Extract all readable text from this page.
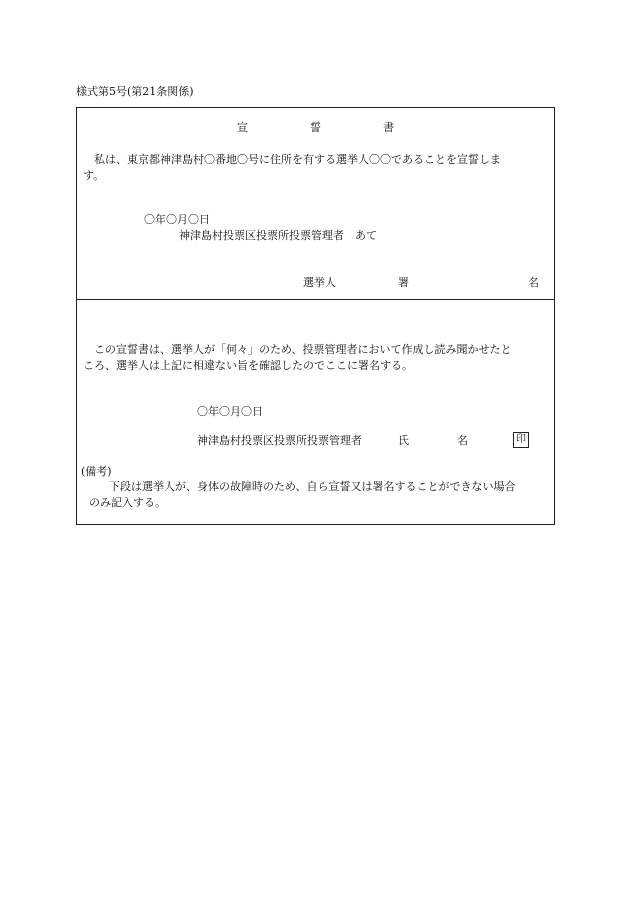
様式第5号(第21条関係)
宣	誓	書
私は、東京都神津島村〇番地〇号に住所を有する選挙人〇〇であることを宣誓しま
す。
〇年〇月〇日
神津島村投票区投票所投票管理者　あて
選挙人	署	名
この宣誓書は、選挙人が「何々」のため、投票管理者において作成し読み聞かせたと
ころ、選挙人は上記に相違ない旨を確認したのでここに署名する。
〇年〇月〇日
神津島村投票区投票所投票管理者	氏	名	印
(備考)
下段は選挙人が、身体の故障時のため、自ら宣誓又は署名することができない場合
のみ記入する。
